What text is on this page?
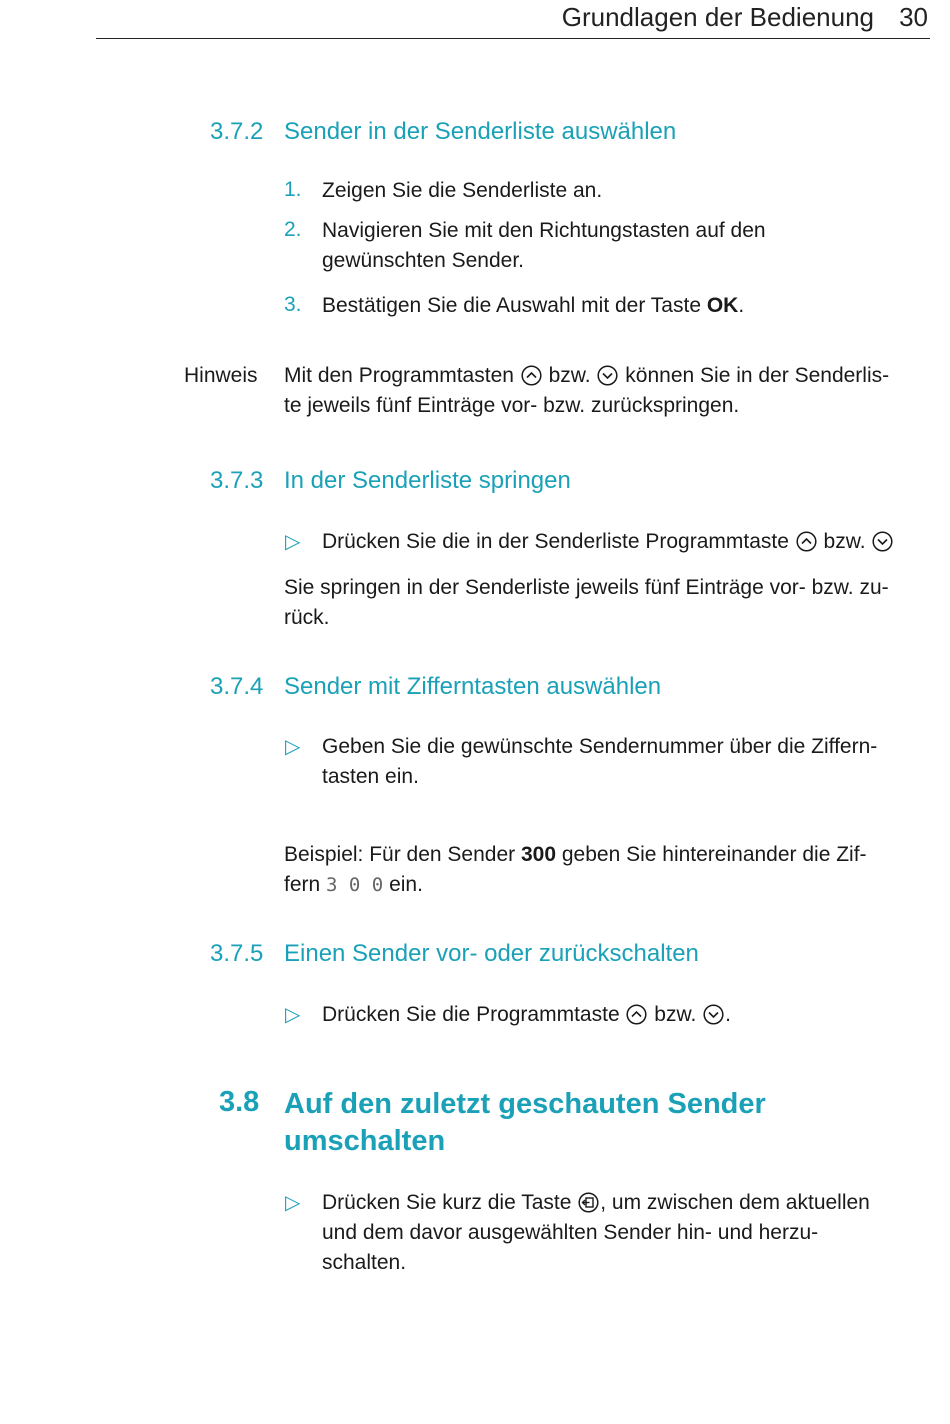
Grundlagen der Bedienung 30
3.7.2 Sender in der Senderliste auswählen
1. Zeigen Sie die Senderliste an.
2. Navigieren Sie mit den Richtungstasten auf den
gewünschten Sender.
3. Bestätigen Sie die Auswahl mit der Taste OK.
Hinweis Mit den Programmtasten
bzw.
können Sie in der Senderlis-
te jeweils fünf Einträge vor- bzw. zurückspringen.
3.7.3 In der Senderliste springen
▷ Drücken Sie die in der Senderliste Programmtaste
bzw.
Sie springen in der Senderliste jeweils fünf Einträge vor- bzw. zu-
rück.
3.7.4 Sender mit Zifferntasten auswählen
▷ Geben Sie die gewünschte Sendernummer über die Ziffern-
tasten ein.
Beispiel: Für den Sender 300 geben Sie hintereinander die Zif-
fern 3 0 0 ein.
3.7.5 Einen Sender vor- oder zurückschalten
▷ Drücken Sie die Programmtaste
bzw.
.
3.8 Auf den zuletzt geschauten Sender umschalten
▷ Drücken Sie kurz die Taste
, um zwischen dem aktuellen
und dem davor ausgewählten Sender hin- und herzu-
schalten.
